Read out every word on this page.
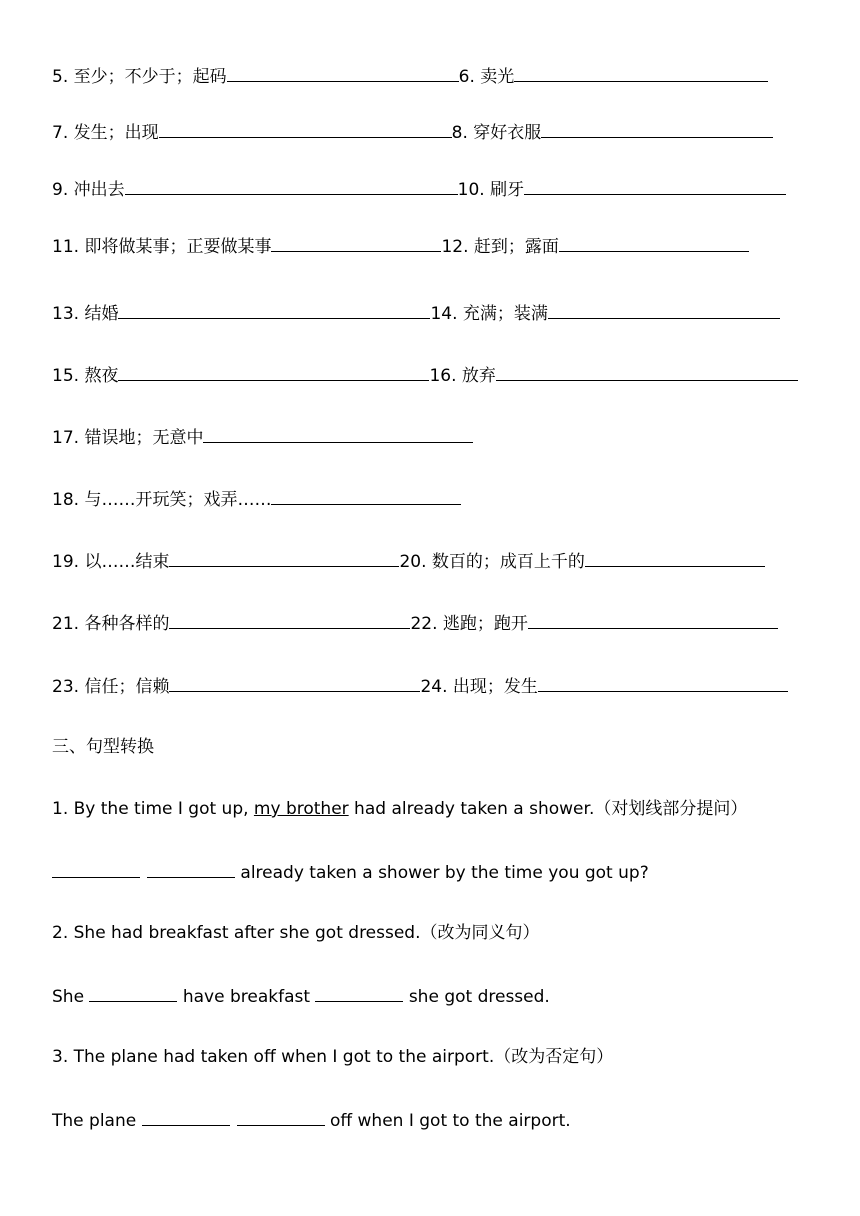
5. 至少；不少于；起码	6. 卖光
7. 发生；出现	8. 穿好衣服
9. 冲出去	10. 刷牙
11. 即将做某事；正要做某事	12. 赶到；露面
13. 结婚	14. 充满；装满
15. 熬夜	16. 放弃
17. 错误地；无意中
18. 与……开玩笑；戏弄……
19. 以……结束	20. 数百的；成百上千的
21. 各种各样的	22. 逃跑；跑开
23. 信任；信赖	24. 出现；发生
三、句型转换
1. By the time I got up, my brother had already taken a shower.（对划线部分提问）
already taken a shower by the time you got up?
2. She had breakfast after she got dressed.（改为同义句）
She	have breakfast	she got dressed.
3. The plane had taken off when I got to the airport.（改为否定句）
The plane	off when I got to the airport.
